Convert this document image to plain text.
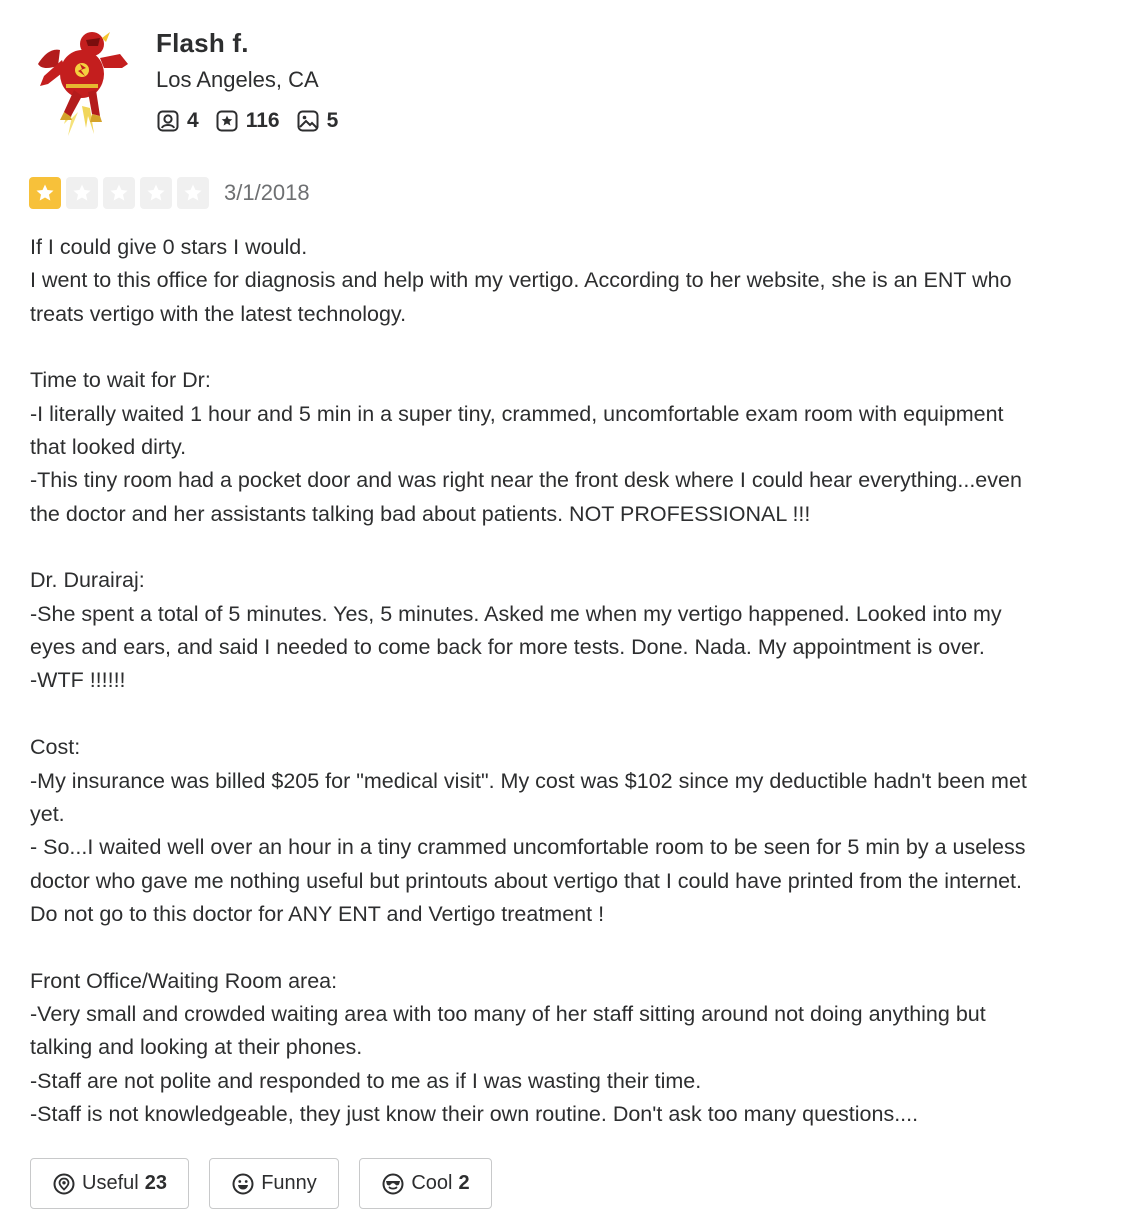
Flash f.
Los Angeles, CA
4 116 5
3/1/2018
If I could give 0 stars I would.
I went to this office for diagnosis and help with my vertigo. According to her website, she is an ENT who
treats vertigo with the latest technology.
Time to wait for Dr:
-I literally waited 1 hour and 5 min in a super tiny, crammed, uncomfortable exam room with equipment
that looked dirty.
-This tiny room had a pocket door and was right near the front desk where I could hear everything...even
the doctor and her assistants talking bad about patients. NOT PROFESSIONAL !!!
Dr. Durairaj:
-She spent a total of 5 minutes. Yes, 5 minutes. Asked me when my vertigo happened. Looked into my
eyes and ears, and said I needed to come back for more tests. Done. Nada. My appointment is over.
-WTF !!!!!!
Cost:
-My insurance was billed $205 for "medical visit". My cost was $102 since my deductible hadn't been met
yet.
- So...I waited well over an hour in a tiny crammed uncomfortable room to be seen for 5 min by a useless
doctor who gave me nothing useful but printouts about vertigo that I could have printed from the internet.
Do not go to this doctor for ANY ENT and Vertigo treatment !
Front Office/Waiting Room area:
-Very small and crowded waiting area with too many of her staff sitting around not doing anything but
talking and looking at their phones.
-Staff are not polite and responded to me as if I was wasting their time.
-Staff is not knowledgeable, they just know their own routine. Don't ask too many questions....
Useful 23	Funny	Cool 2
